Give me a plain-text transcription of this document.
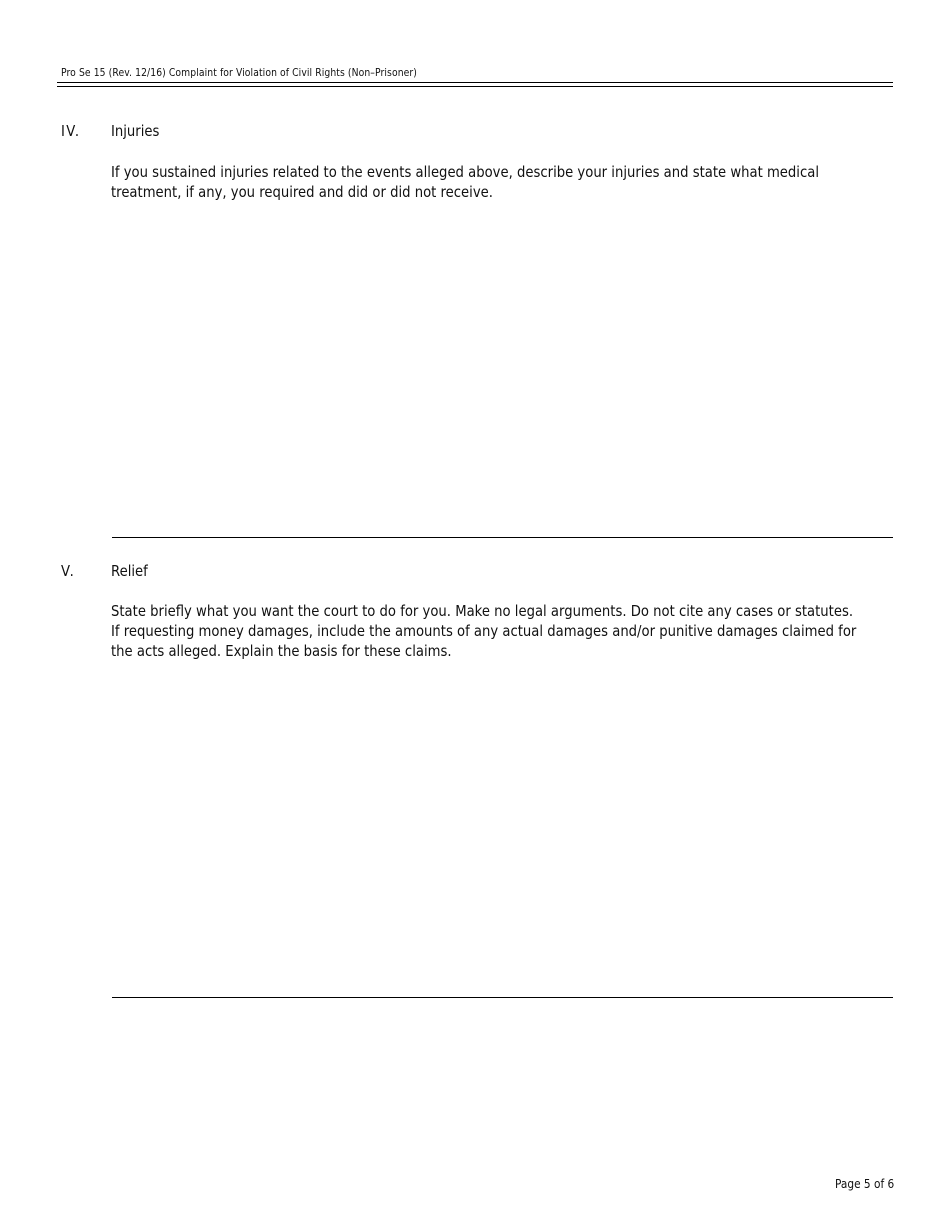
Pro Se 15 (Rev. 12/16) Complaint for Violation of Civil Rights (Non–Prisoner)
IV. Injuries
If you sustained injuries related to the events alleged above, describe your injuries and state what medical
treatment, if any, you required and did or did not receive.
V. Relief
State briefly what you want the court to do for you. Make no legal arguments. Do not cite any cases or statutes.
If requesting money damages, include the amounts of any actual damages and/or punitive damages claimed for
the acts alleged. Explain the basis for these claims.
Page 5 of 6
